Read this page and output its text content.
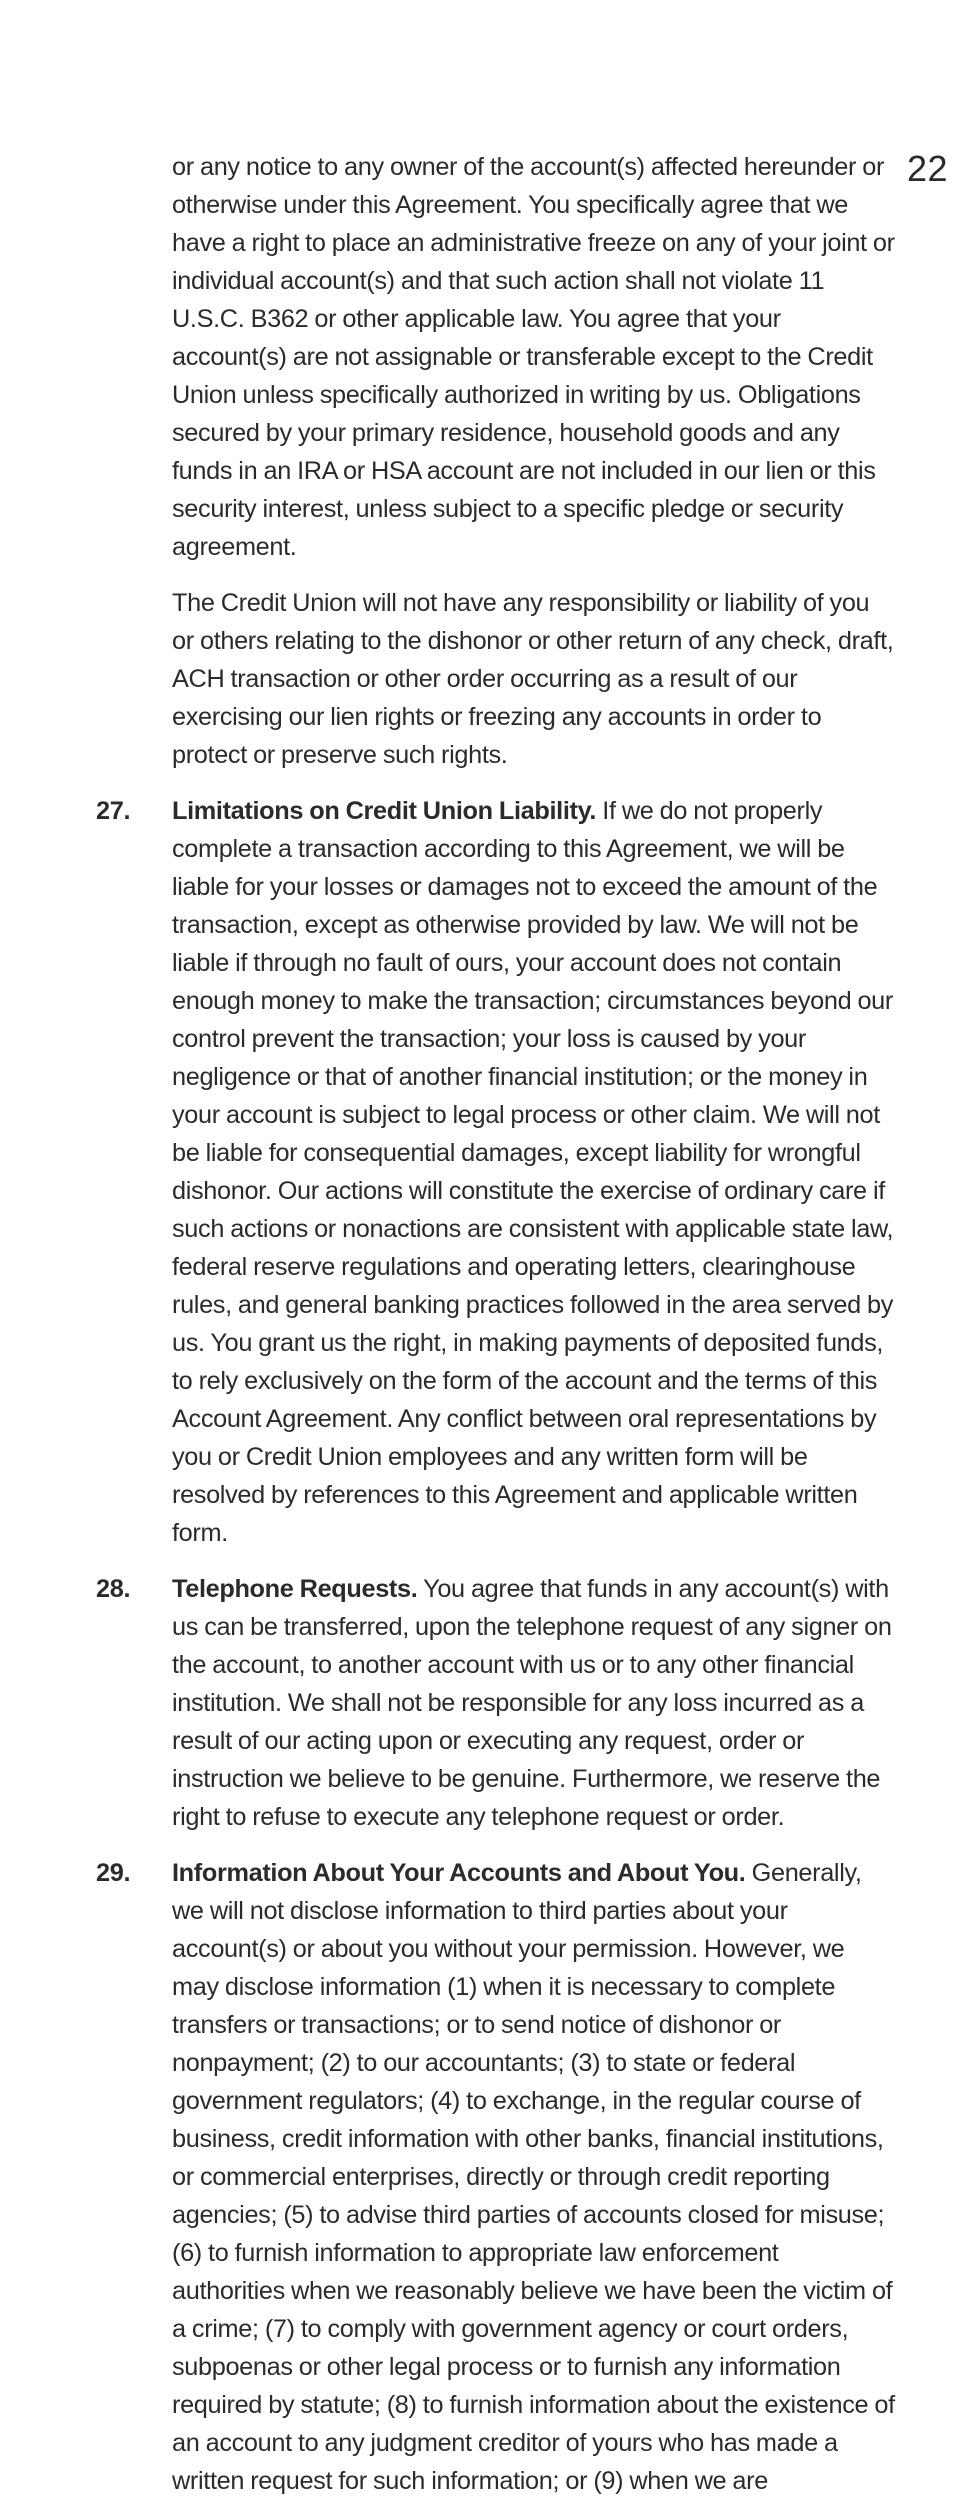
22

or any notice to any owner of the account(s) affected hereunder or otherwise under this Agreement. You specifically agree that we have a right to place an administrative freeze on any of your joint or individual account(s) and that such action shall not violate 11 U.S.C. B362 or other applicable law. You agree that your account(s) are not assignable or transferable except to the Credit Union unless specifically authorized in writing by us. Obligations secured by your primary residence, household goods and any funds in an IRA or HSA account are not included in our lien or this security interest, unless subject to a specific pledge or security agreement.

The Credit Union will not have any responsibility or liability of you or others relating to the dishonor or other return of any check, draft, ACH transaction or other order occurring as a result of our exercising our lien rights or freezing any accounts in order to protect or preserve such rights.

27.	Limitations on Credit Union Liability. If we do not properly complete a transaction according to this Agreement, we will be liable for your losses or damages not to exceed the amount of the transaction, except as otherwise provided by law. We will not be liable if through no fault of ours, your account does not contain enough money to make the transaction; circumstances beyond our control prevent the transaction; your loss is caused by your negligence or that of another financial institution; or the money in your account is subject to legal process or other claim. We will not be liable for consequential damages, except liability for wrongful dishonor. Our actions will constitute the exercise of ordinary care if such actions or nonactions are consistent with applicable state law, federal reserve regulations and operating letters, clearinghouse rules, and general banking practices followed in the area served by us. You grant us the right, in making payments of deposited funds, to rely exclusively on the form of the account and the terms of this Account Agreement. Any conflict between oral representations by you or Credit Union employees and any written form will be resolved by references to this Agreement and applicable written form.
28.	Telephone Requests. You agree that funds in any account(s) with us can be transferred, upon the telephone request of any signer on the account, to another account with us or to any other financial institution. We shall not be responsible for any loss incurred as a result of our acting upon or executing any request, order or instruction we believe to be genuine. Furthermore, we reserve the right to refuse to execute any telephone request or order.
29.	Information About Your Accounts and About You. Generally, we will not disclose information to third parties about your account(s) or about you without your permission. However, we may disclose information (1) when it is necessary to complete transfers or transactions; or to send notice of dishonor or nonpayment; (2) to our accountants; (3) to state or federal government regulators; (4) to exchange, in the regular course of business, credit information with other banks, financial institutions, or commercial enterprises, directly or through credit reporting agencies; (5) to advise third parties of accounts closed for misuse; (6) to furnish information to appropriate law enforcement authorities when we reasonably believe we have been the victim of a crime; (7) to comply with government agency or court orders, subpoenas or other legal process or to furnish any information required by statute; (8) to furnish information about the existence of an account to any judgment creditor of yours who has made a written request for such information; or (9) when we are
